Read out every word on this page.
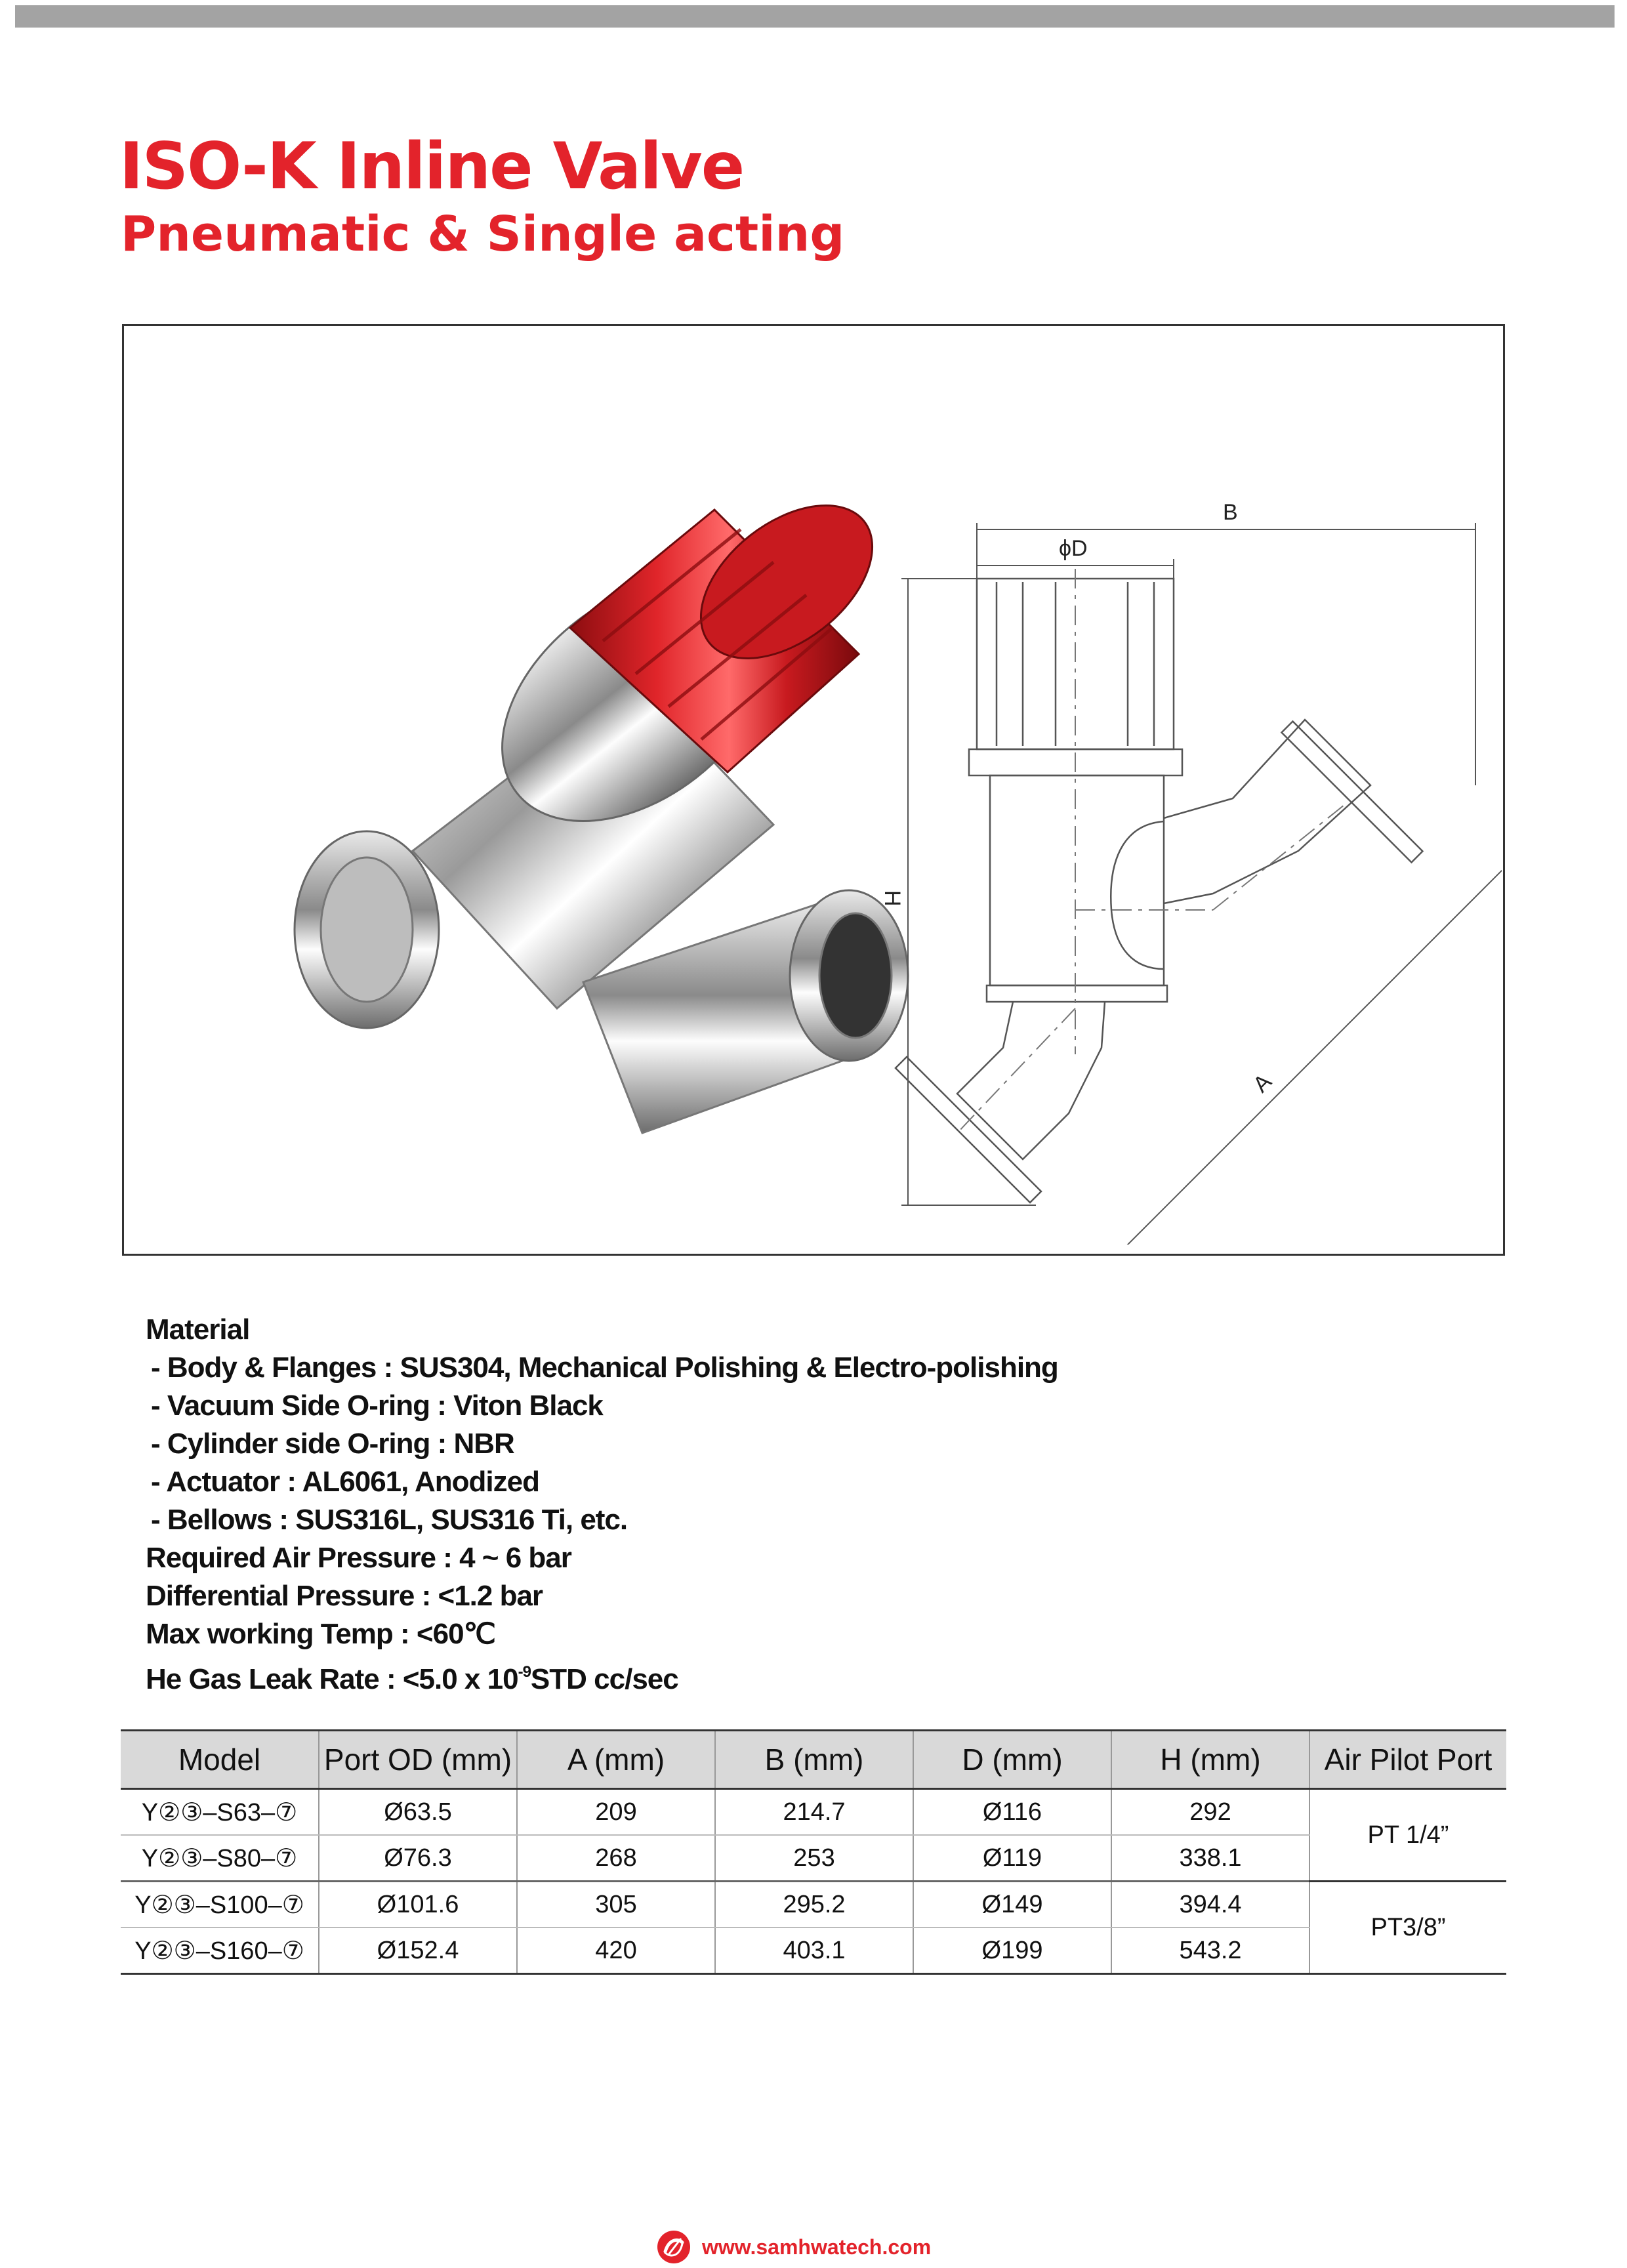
ISO-K Inline Valve
Pneumatic & Single acting
B
ϕD
H
A
Material
- Body & Flanges : SUS304, Mechanical Polishing & Electro-polishing
- Vacuum Side O-ring : Viton Black
- Cylinder side O-ring : NBR
- Actuator : AL6061, Anodized
- Bellows : SUS316L, SUS316 Ti, etc.
Required Air Pressure : 4 ~ 6 bar
Differential Pressure : <1.2 bar
Max working Temp : <60℃
He Gas Leak Rate : <5.0 x $10^{-9}STD$ cc/sec
Model	Port OD (mm)	A (mm)	B (mm)	D (mm)	H (mm)	Air Pilot Port
Y②③–S63–⑦	Ø63.5	209	214.7	Ø116	292	PT 1/4”
Y②③–S80–⑦	Ø76.3	268	253	Ø119	338.1	
Y②③–S100–⑦	Ø101.6	305	295.2	Ø149	394.4	PT3/8”
Y②③–S160–⑦	Ø152.4	420	403.1	Ø199	543.2	
www.samhwatech.com
